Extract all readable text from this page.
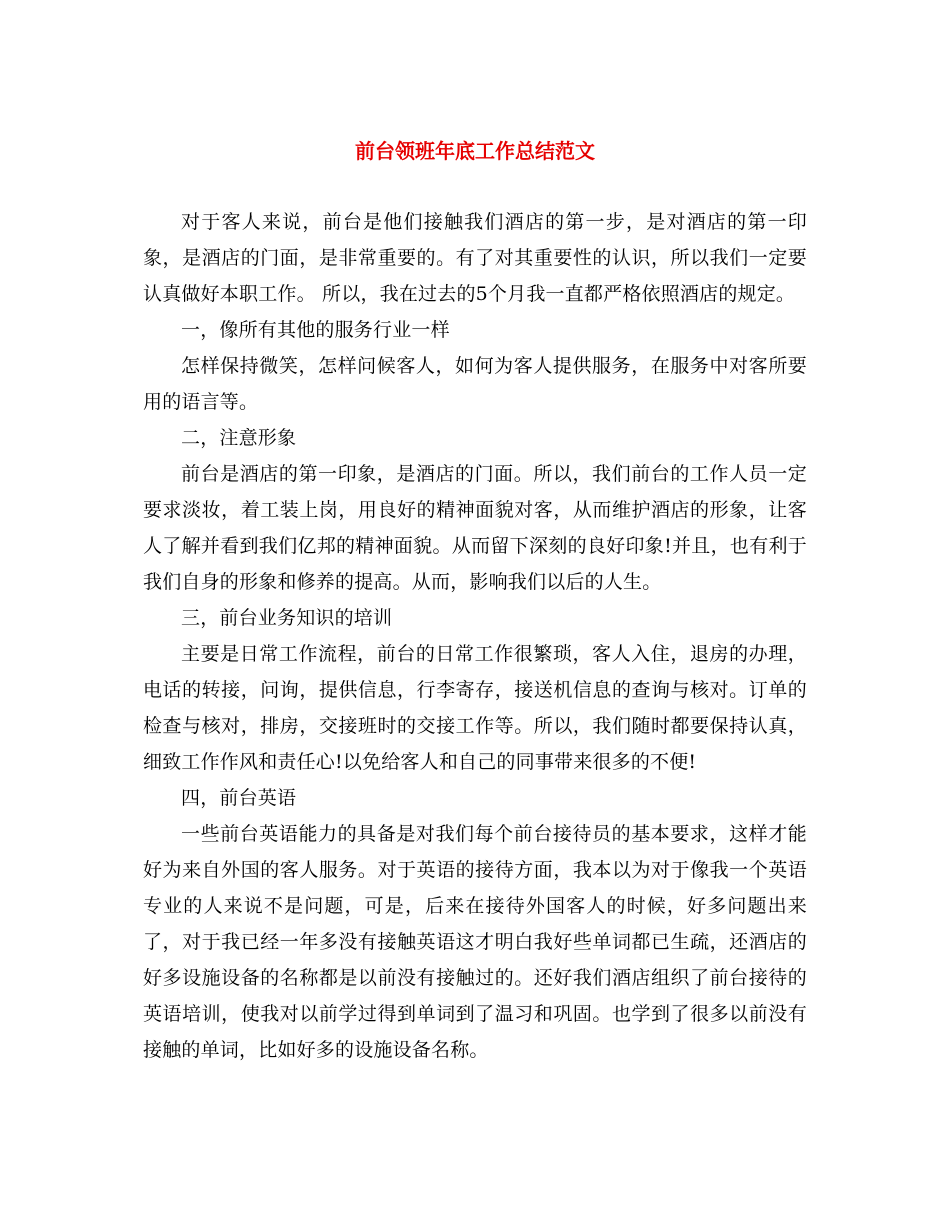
前台领班年底工作总结范文

对于客人来说，前台是他们接触我们酒店的第一步，是对酒店的第一印象，是酒店的门面，是非常重要的。有了对其重要性的认识，所以我们一定要认真做好本职工作。 所以，我在过去的5个月我一直都严格依照酒店的规定。

一，像所有其他的服务行业一样

怎样保持微笑，怎样问候客人，如何为客人提供服务，在服务中对客所要用的语言等。

二，注意形象

前台是酒店的第一印象，是酒店的门面。所以，我们前台的工作人员一定要求淡妆，着工装上岗，用良好的精神面貌对客，从而维护酒店的形象，让客人了解并看到我们亿邦的精神面貌。从而留下深刻的良好印象!并且，也有利于我们自身的形象和修养的提高。从而，影响我们以后的人生。

三，前台业务知识的培训

主要是日常工作流程，前台的日常工作很繁琐，客人入住，退房的办理，电话的转接，问询，提供信息，行李寄存，接送机信息的查询与核对。订单的检查与核对，排房，交接班时的交接工作等。所以，我们随时都要保持认真，细致工作作风和责任心!以免给客人和自己的同事带来很多的不便!

四，前台英语

一些前台英语能力的具备是对我们每个前台接待员的基本要求，这样才能好为来自外国的客人服务。对于英语的接待方面，我本以为对于像我一个英语专业的人来说不是问题，可是，后来在接待外国客人的时候，好多问题出来了，对于我已经一年多没有接触英语这才明白我好些单词都已生疏，还酒店的好多设施设备的名称都是以前没有接触过的。还好我们酒店组织了前台接待的英语培训，使我对以前学过得到单词到了温习和巩固。也学到了很多以前没有接触的单词，比如好多的设施设备名称。
